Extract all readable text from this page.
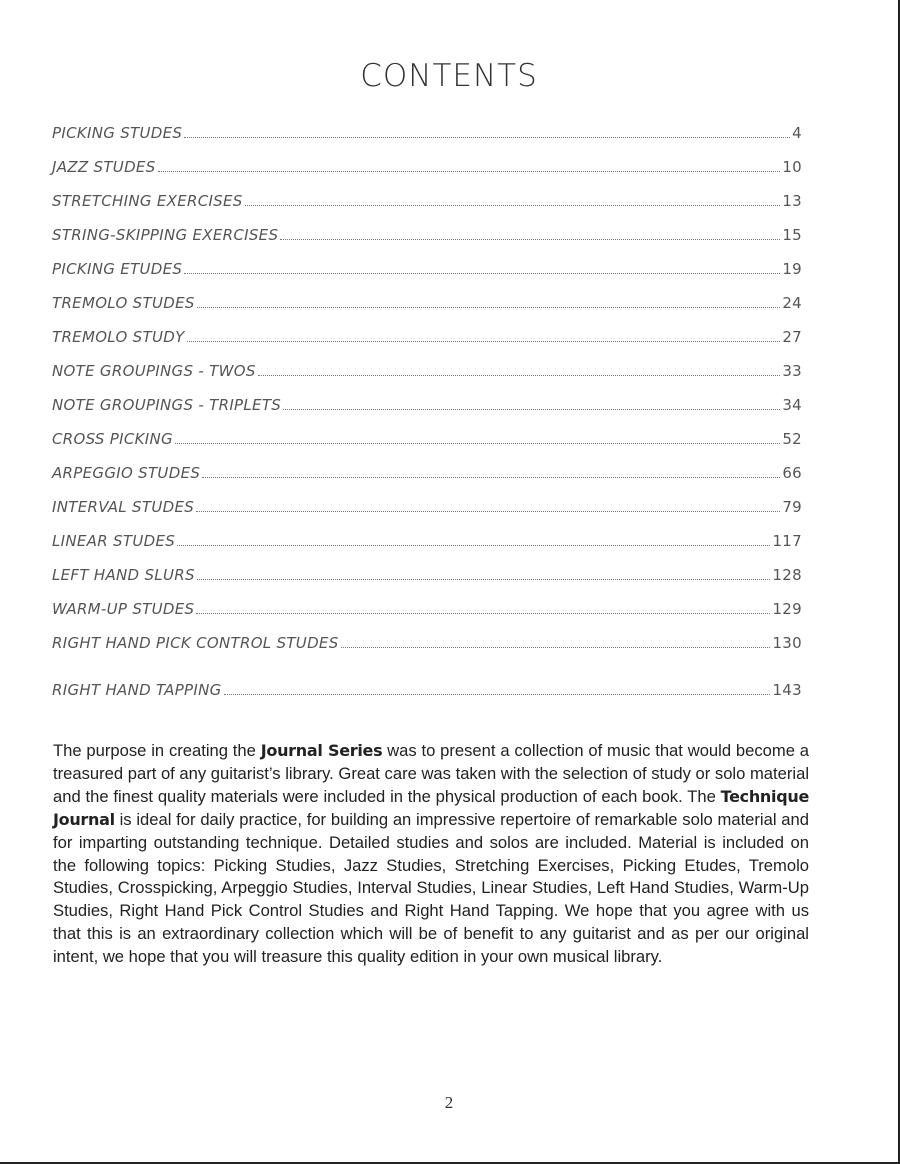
CONTENTS
PICKING STUDES	4
JAZZ STUDES	10
STRETCHING EXERCISES	13
STRING-SKIPPING EXERCISES	15
PICKING ETUDES	19
TREMOLO STUDES	24
TREMOLO STUDY	27
NOTE GROUPINGS - TWOS	33
NOTE GROUPINGS - TRIPLETS	34
CROSS PICKING	52
ARPEGGIO STUDES	66
INTERVAL STUDES	79
LINEAR STUDES	117
LEFT HAND SLURS	128
WARM-UP STUDES	129
RIGHT HAND PICK CONTROL STUDES	130
RIGHT HAND TAPPING	143
The purpose in creating the Journal Series was to present a collection of music that would become a treasured part of any guitarist’s library. Great care was taken with the selection of study or solo material and the finest quality materials were included in the physical production of each book. The Technique Journal is ideal for daily practice, for building an impressive repertoire of remarkable solo material and for imparting outstanding technique. Detailed studies and solos are included. Material is included on the following topics: Picking Studies, Jazz Studies, Stretching Exercises, Picking Etudes, Tremolo Studies, Crosspicking, Arpeggio Studies, Interval Studies, Linear Studies, Left Hand Studies, Warm-Up Studies, Right Hand Pick Control Studies and Right Hand Tapping. We hope that you agree with us that this is an extraordinary collection which will be of benefit to any guitarist and as per our original intent, we hope that you will treasure this quality edition in your own musical library.
2
